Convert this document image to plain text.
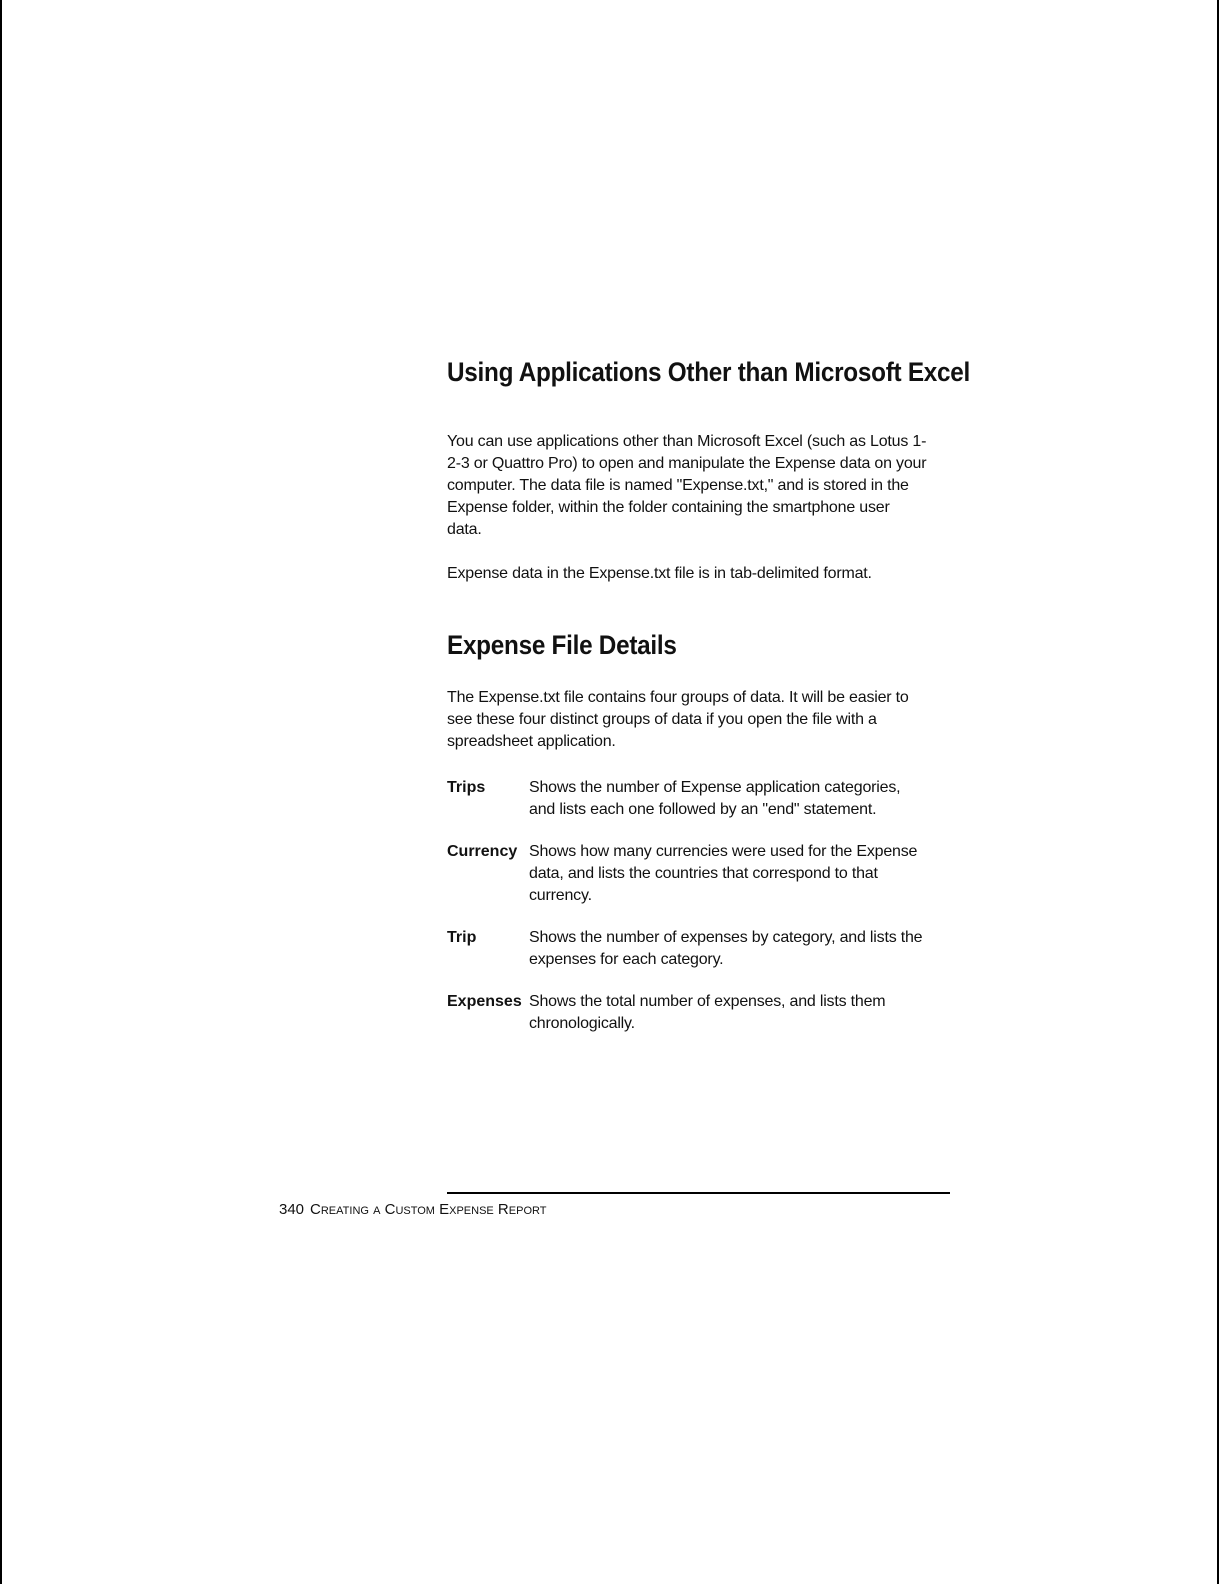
Using Applications Other than Microsoft Excel

You can use applications other than Microsoft Excel (such as Lotus 1-2-3 or Quattro Pro) to open and manipulate the Expense data on your computer. The data file is named "Expense.txt," and is stored in the Expense folder, within the folder containing the smartphone user data.

Expense data in the Expense.txt file is in tab-delimited format.

Expense File Details

The Expense.txt file contains four groups of data. It will be easier to see these four distinct groups of data if you open the file with a spreadsheet application.

Trips	Shows the number of Expense application categories, and lists each one followed by an "end" statement.
Currency Shows how many currencies were used for the Expense data, and lists the countries that correspond to that currency.
Trip	Shows the number of expenses by category, and lists the expenses for each category.
Expenses Shows the total number of expenses, and lists them chronologically.
340 Creating a Custom Expense Report
